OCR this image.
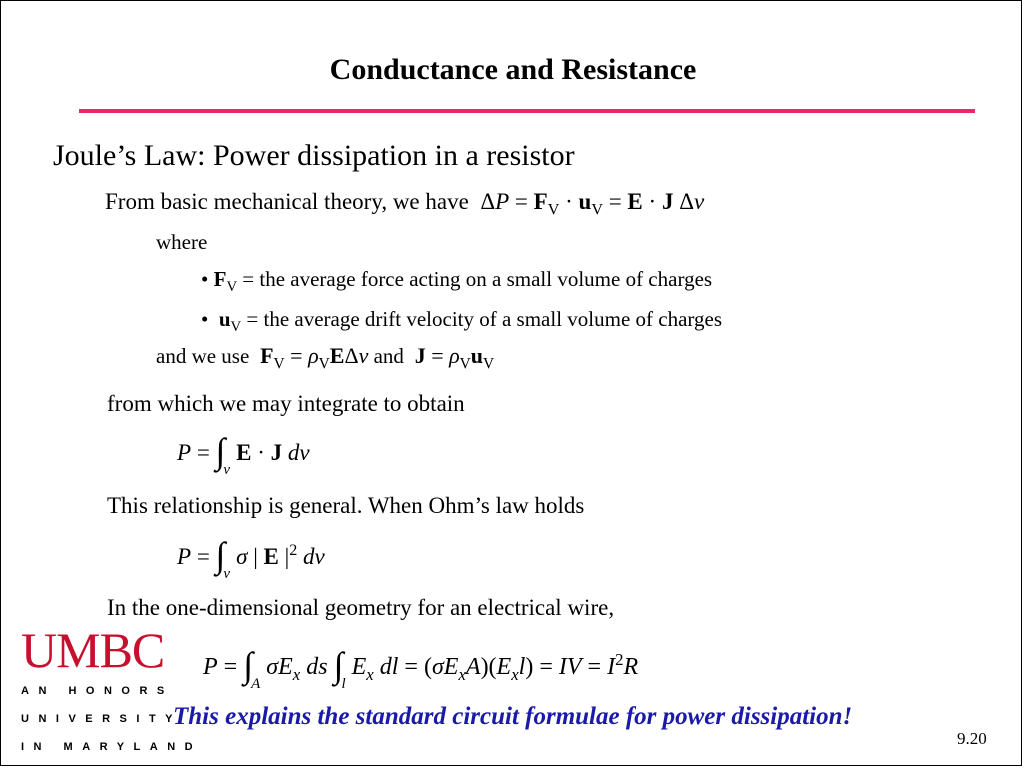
Conductance and Resistance
Joule’s Law: Power dissipation in a resistor
From basic mechanical theory, we have  $\Delta P = F_V \cdot u_V = E \cdot J$ Δv
where
• $F_V$ = the average force acting on a small volume of charges
• $u_V$ = the average drift velocity of a small volume of charges
and we use $F_V = \rho_VE\Delta v$ and $J = \rho_Vu_V$
from which we may integrate to obtain
$P = \int_vE \cdot J$ dv
This relationship is general. When Ohm’s law holds
$P = \int_v\sigma$ | E $|^2$ dv
In the one-dimensional geometry for an electrical wire,
$P = \int_A\sigma E_x$ ds $\int_lE_x$ dl = $(\sigma E_xA)(E_xl)$ = IV = $I^2R$
UMBC
AN HONORS
UNIVERSITY
IN MARYLAND
This explains the standard circuit formulae for power dissipation!
9.20
